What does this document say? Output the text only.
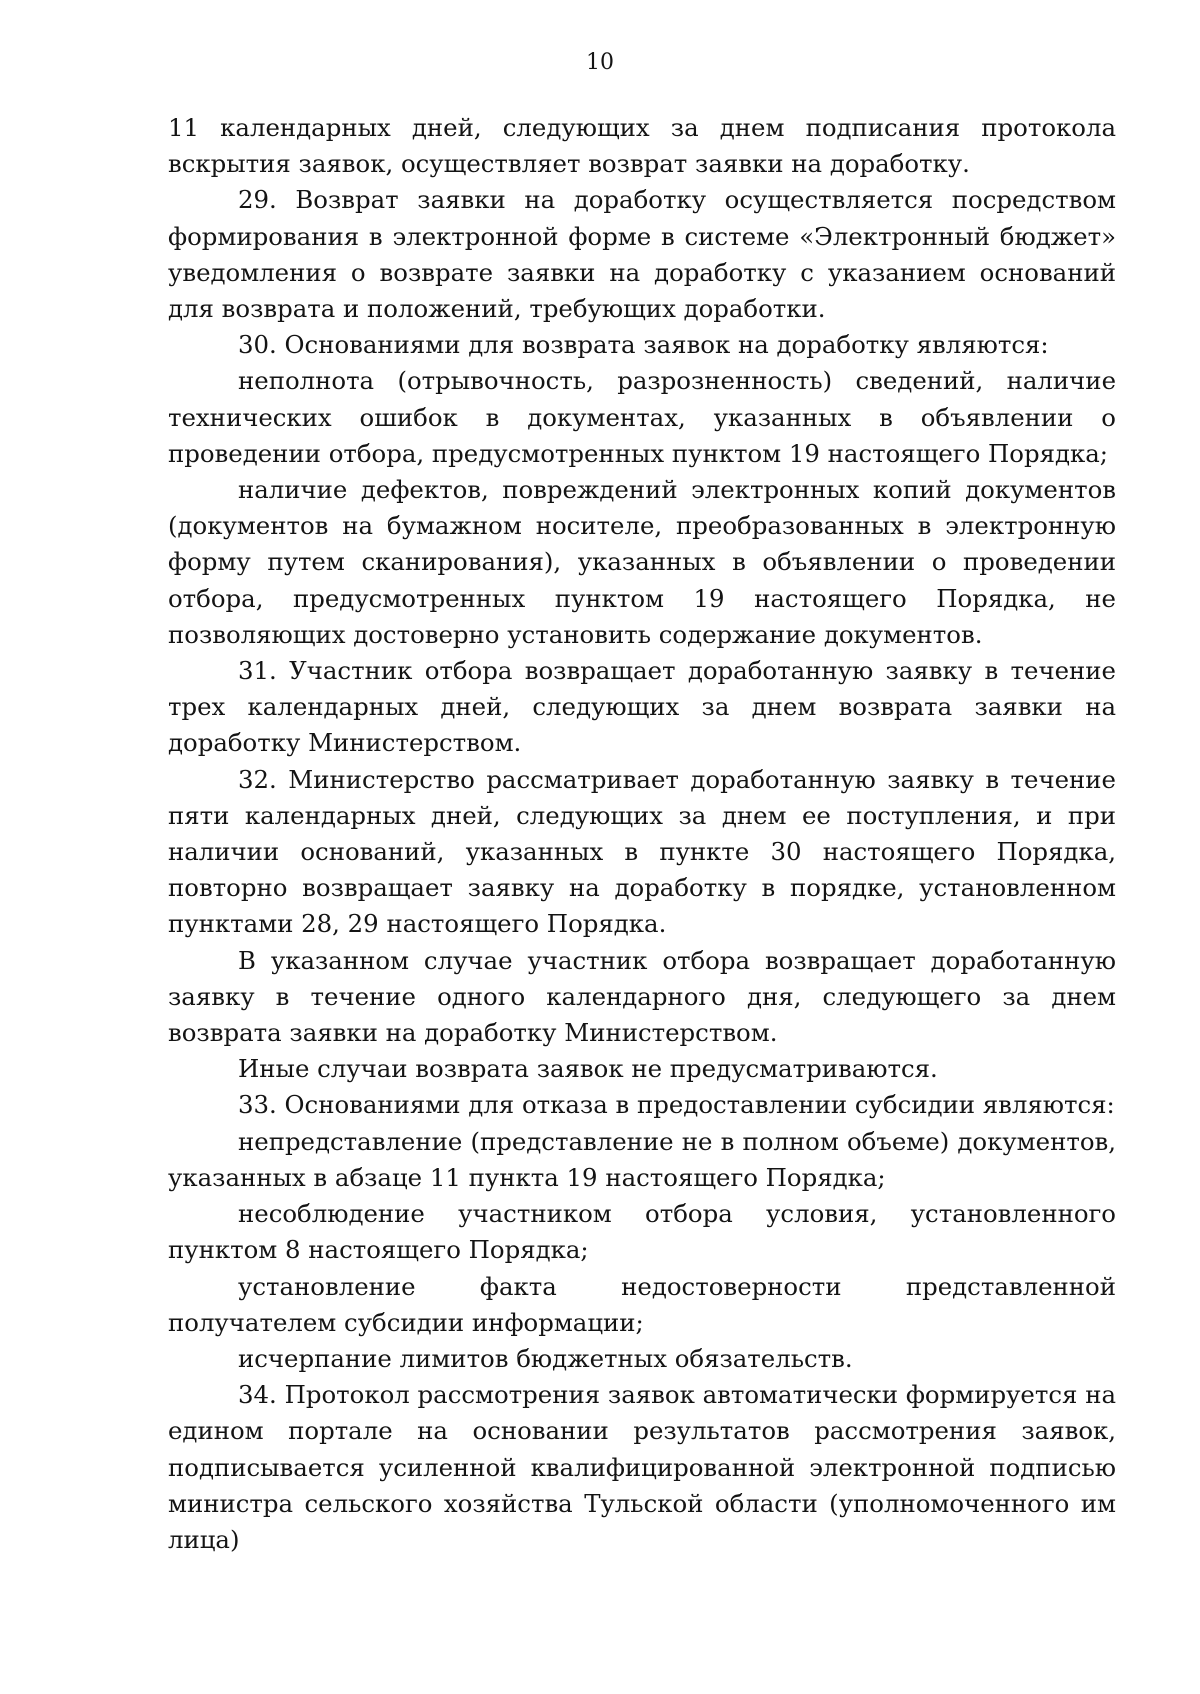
10

11 календарных дней, следующих за днем подписания протокола вскрытия заявок, осуществляет возврат заявки на доработку.

29. Возврат заявки на доработку осуществляется посредством формирования в электронной форме в системе «Электронный бюджет» уведомления о возврате заявки на доработку с указанием оснований для возврата и положений, требующих доработки.

30. Основаниями для возврата заявок на доработку являются:

неполнота (отрывочность, разрозненность) сведений, наличие технических ошибок в документах, указанных в объявлении о проведении отбора, предусмотренных пунктом 19 настоящего Порядка;

наличие дефектов, повреждений электронных копий документов (документов на бумажном носителе, преобразованных в электронную форму путем сканирования), указанных в объявлении о проведении отбора, предусмотренных пунктом 19 настоящего Порядка, не позволяющих достоверно установить содержание документов.

31. Участник отбора возвращает доработанную заявку в течение трех календарных дней, следующих за днем возврата заявки на доработку Министерством.

32. Министерство рассматривает доработанную заявку в течение пяти календарных дней, следующих за днем ее поступления, и при наличии оснований, указанных в пункте 30 настоящего Порядка, повторно возвращает заявку на доработку в порядке, установленном пунктами 28, 29 настоящего Порядка.

В указанном случае участник отбора возвращает доработанную заявку в течение одного календарного дня, следующего за днем возврата заявки на доработку Министерством.

Иные случаи возврата заявок не предусматриваются.

33. Основаниями для отказа в предоставлении субсидии являются:

непредставление (представление не в полном объеме) документов, указанных в абзаце 11 пункта 19 настоящего Порядка;

несоблюдение участником отбора условия, установленного пунктом 8 настоящего Порядка;

установление факта недостоверности представленной получателем субсидии информации;

исчерпание лимитов бюджетных обязательств.

34. Протокол рассмотрения заявок автоматически формируется на едином портале на основании результатов рассмотрения заявок, подписывается усиленной квалифицированной электронной подписью министра сельского хозяйства Тульской области (уполномоченного им лица)
